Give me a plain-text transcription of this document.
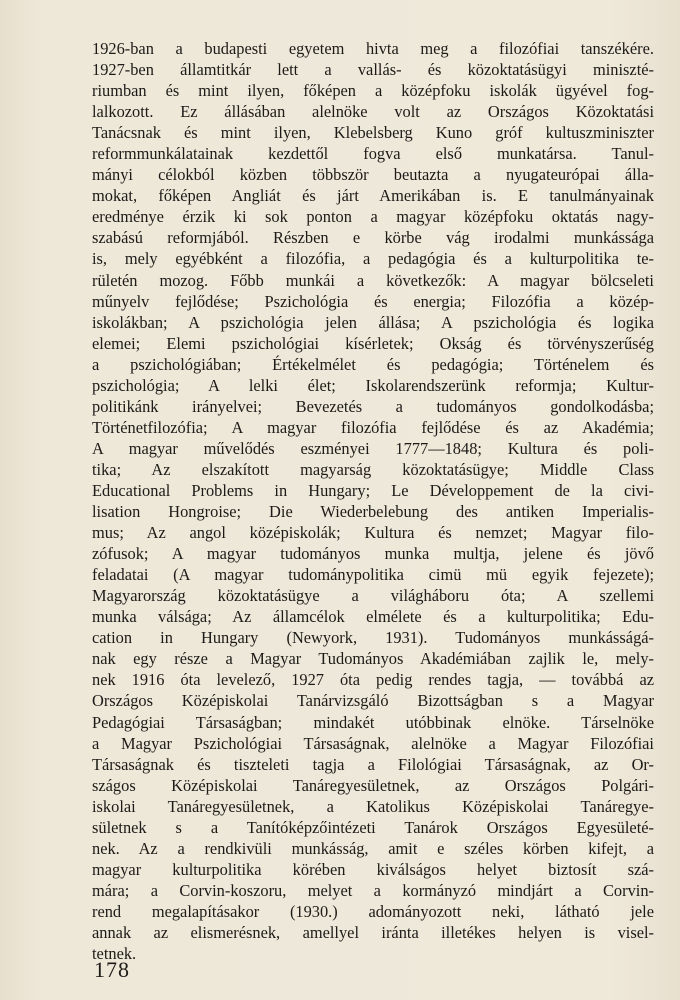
1926-ban a budapesti egyetem hivta meg a filozófiai tanszékére.
1927-ben államtitkár lett a vallás- és közoktatásügyi miniszté-
riumban és mint ilyen, főképen a középfoku iskolák ügyével fog-
lalkozott. Ez állásában alelnöke volt az Országos Közoktatási
Tanácsnak és mint ilyen, Klebelsberg Kuno gróf kultuszminiszter
reformmunkálatainak kezdettől fogva első munkatársa. Tanul-
mányi célokból közben többször beutazta a nyugateurópai álla-
mokat, főképen Angliát és járt Amerikában is. E tanulmányainak
eredménye érzik ki sok ponton a magyar középfoku oktatás nagy-
szabású reformjából. Részben e körbe vág irodalmi munkássága
is, mely egyébként a filozófia, a pedagógia és a kulturpolitika te-
rületén mozog. Főbb munkái a következők: A magyar bölcseleti
műnyelv fejlődése; Pszichológia és energia; Filozófia a közép-
iskolákban; A pszichológia jelen állása; A pszichológia és logika
elemei; Elemi pszichológiai kísérletek; Okság és törvényszerűség
a pszichológiában; Értékelmélet és pedagógia; Történelem és
pszichológia; A lelki élet; Iskolarendszerünk reformja; Kultur-
politikánk irányelvei; Bevezetés a tudományos gondolkodásba;
Történetfilozófia; A magyar filozófia fejlődése és az Akadémia;
A magyar művelődés eszményei 1777—1848; Kultura és poli-
tika; Az elszakított magyarság közoktatásügye; Middle Class
Educational Problems in Hungary; Le Développement de la civi-
lisation Hongroise; Die Wiederbelebung des antiken Imperialis-
mus; Az angol középiskolák; Kultura és nemzet; Magyar filo-
zófusok; A magyar tudományos munka multja, jelene és jövő
feladatai (A magyar tudománypolitika cimü mü egyik fejezete);
Magyarország közoktatásügye a világháboru óta; A szellemi
munka válsága; Az államcélok elmélete és a kulturpolitika; Edu-
cation in Hungary (Newyork, 1931). Tudományos munkásságá-
nak egy része a Magyar Tudományos Akadémiában zajlik le, mely-
nek 1916 óta levelező, 1927 óta pedig rendes tagja, — továbbá az
Országos Középiskolai Tanárvizsgáló Bizottságban s a Magyar
Pedagógiai Társaságban; mindakét utóbbinak elnöke. Társelnöke
a Magyar Pszichológiai Társaságnak, alelnöke a Magyar Filozófiai
Társaságnak és tiszteleti tagja a Filológiai Társaságnak, az Or-
szágos Középiskolai Tanáregyesületnek, az Országos Polgári-
iskolai Tanáregyesületnek, a Katolikus Középiskolai Tanáregye-
sületnek s a Tanítóképzőintézeti Tanárok Országos Egyesületé-
nek. Az a rendkivüli munkásság, amit e széles körben kifejt, a
magyar kulturpolitika körében kiválságos helyet biztosít szá-
mára; a Corvin-koszoru, melyet a kormányzó mindjárt a Corvin-
rend megalapításakor (1930.) adományozott neki, látható jele
annak az elismerésnek, amellyel iránta illetékes helyen is visel-
tetnek.
178
